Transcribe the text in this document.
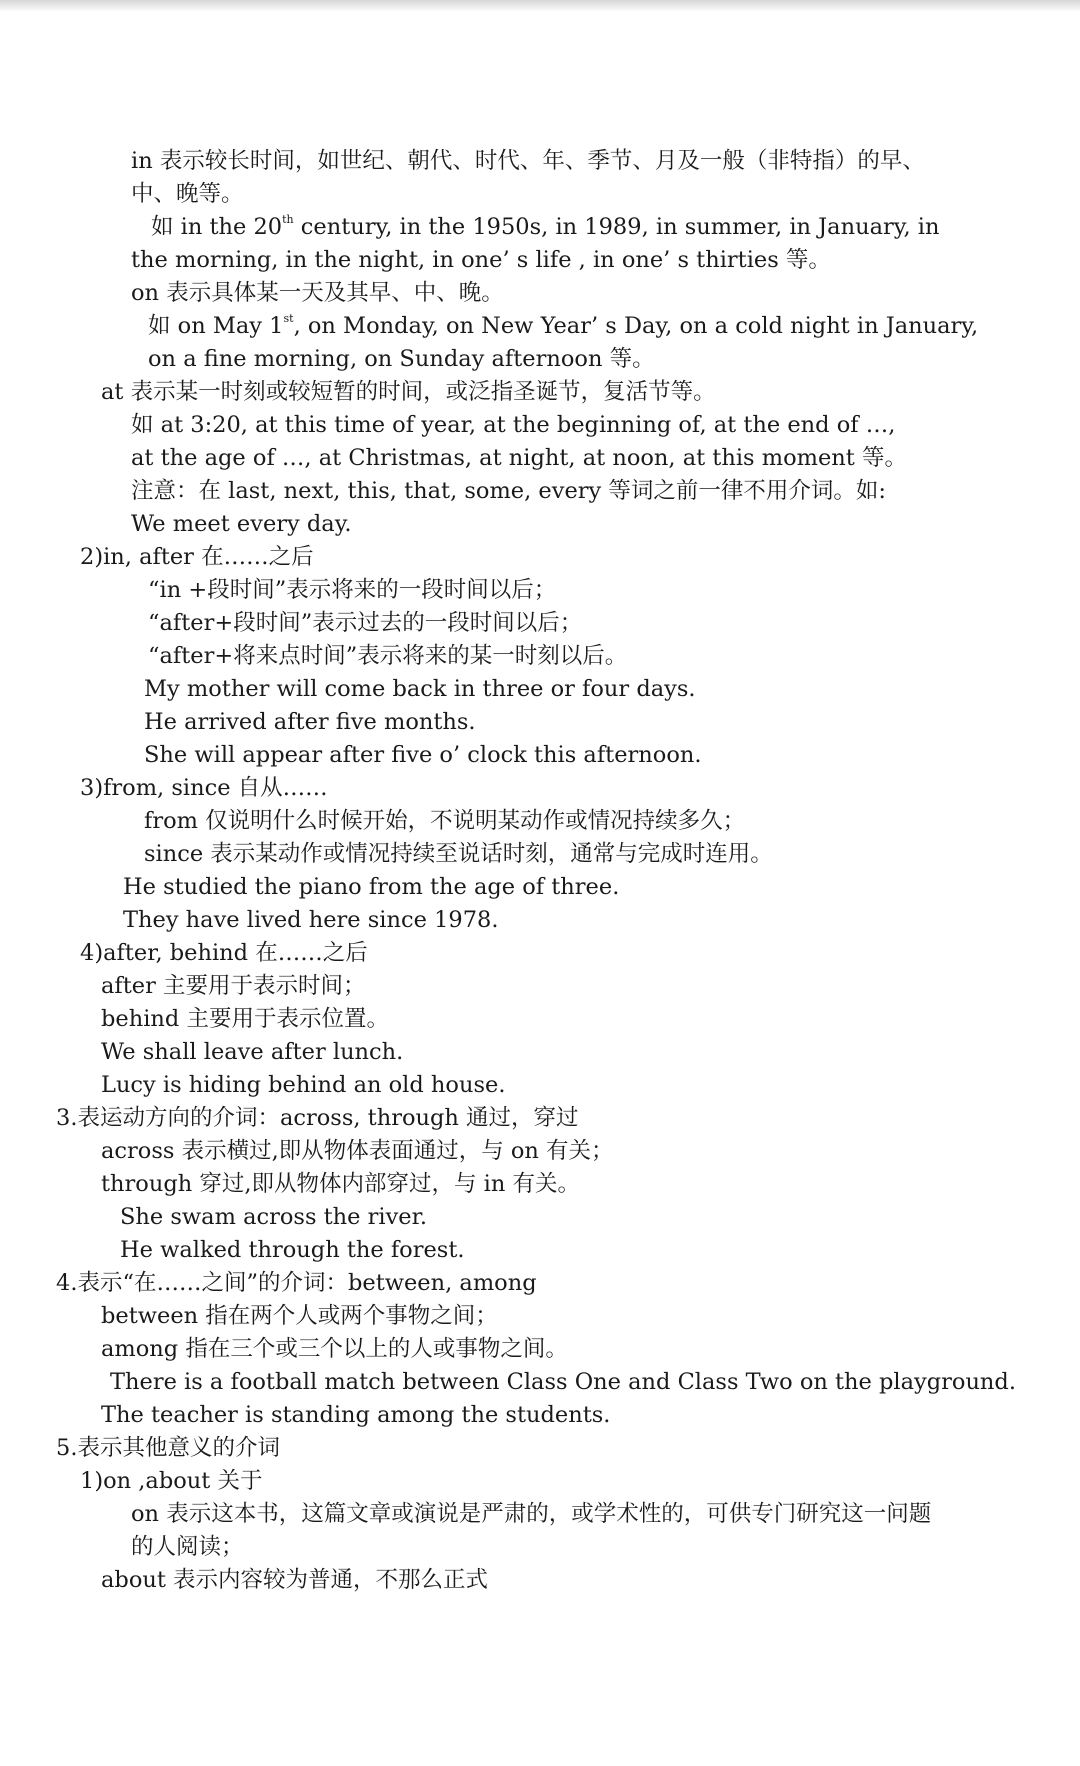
in 表示较长时间，如世纪、朝代、时代、年、季节、月及一般（非特指）的早、
中、晚等。
如 in the 20th century, in the 1950s, in 1989, in summer, in January, in
the morning, in the night, in one’ s life , in one’ s thirties 等。
on 表示具体某一天及其早、中、晚。
如 on May 1st, on Monday, on New Year’ s Day, on a cold night in January,
on a fine morning, on Sunday afternoon 等。
at 表示某一时刻或较短暂的时间，或泛指圣诞节，复活节等。
如 at 3:20, at this time of year, at the beginning of, at the end of …,
at the age of …, at Christmas, at night, at noon, at this moment 等。
注意：在 last, next, this, that, some, every 等词之前一律不用介词。如:
We meet every day.
2)in, after 在……之后
“in +段时间”表示将来的一段时间以后；
“after+段时间”表示过去的一段时间以后；
“after+将来点时间”表示将来的某一时刻以后。
My mother will come back in three or four days.
He arrived after five months.
She will appear after five o’ clock this afternoon.
3)from, since 自从……
from 仅说明什么时候开始，不说明某动作或情况持续多久；
since 表示某动作或情况持续至说话时刻，通常与完成时连用。
He studied the piano from the age of three.
They have lived here since 1978.
4)after, behind 在……之后
after 主要用于表示时间；
behind 主要用于表示位置。
We shall leave after lunch.
Lucy is hiding behind an old house.
3.表运动方向的介词：across, through 通过，穿过
across 表示横过,即从物体表面通过，与 on 有关；
through 穿过,即从物体内部穿过，与 in 有关。
She swam across the river.
He walked through the forest.
4.表示“在……之间”的介词：between, among
between 指在两个人或两个事物之间；
among 指在三个或三个以上的人或事物之间。
There is a football match between Class One and Class Two on the playground.
The teacher is standing among the students.
5.表示其他意义的介词
1)on ,about 关于
on 表示这本书，这篇文章或演说是严肃的，或学术性的，可供专门研究这一问题
的人阅读；
about 表示内容较为普通，不那么正式
